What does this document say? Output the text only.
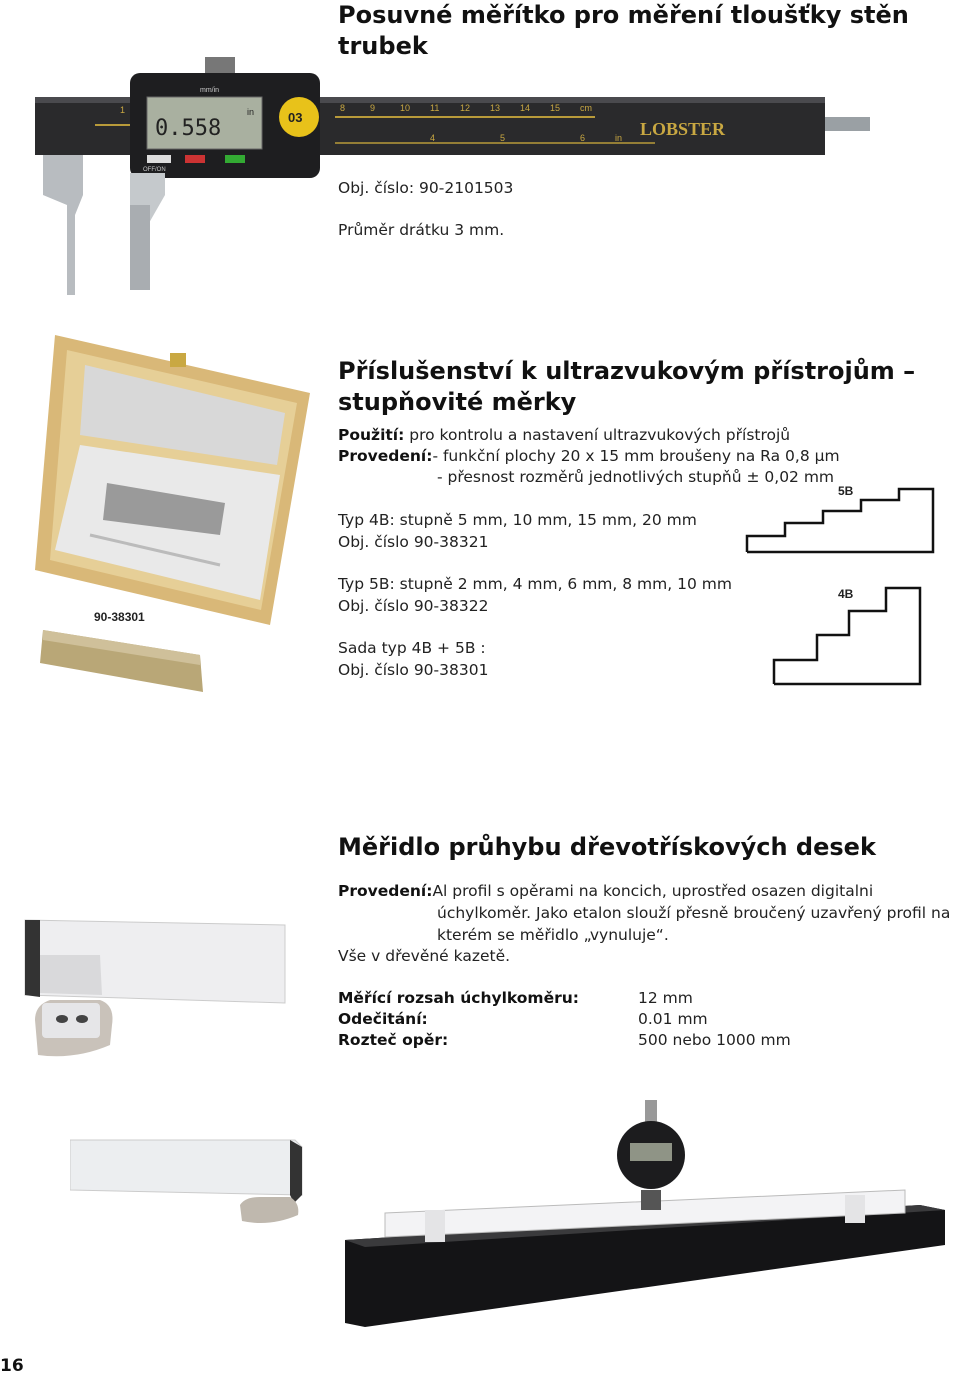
Posuvné měřítko pro měření tloušťky stěn trubek
1	8	9	10 11 12 13 14 15 cm
4	5	6	in LOBSTER
0.558
in
mm/in
OFF/ON
03
Obj. číslo: 90-2101503
Průměr drátku 3 mm.
Příslušenství k ultrazvukovým přístrojům –
stupňovité měrky
90-38301
Použití: pro kontrolu a nastavení ultrazvukových přístrojů
Provedení:- funkční plochy 20 x 15 mm broušeny na Ra 0,8 µm
- přesnost rozměrů jednotlivých stupňů ± 0,02 mm
Typ 4B: stupně 5 mm, 10 mm, 15 mm, 20 mm
Obj. číslo 90-38321
Typ 5B: stupně 2 mm, 4 mm, 6 mm, 8 mm, 10 mm
Obj. číslo 90-38322
Sada typ 4B + 5B :
Obj. číslo 90-38301
5B
4B
Měřidlo průhybu dřevotřískových desek
Provedení:Al profil s opěrami na koncich, uprostřed osazen digitalni
úchylkoměr. Jako etalon slouží přesně broučený uzavřený profil na
kterém se měřidlo „vynuluje“.
Vše v dřevěné kazetě.
Měřící rozsah úchylkoměru:	12 mm
Odečitání:	0.01 mm
Rozteč opěr:	500 nebo 1000 mm
16
